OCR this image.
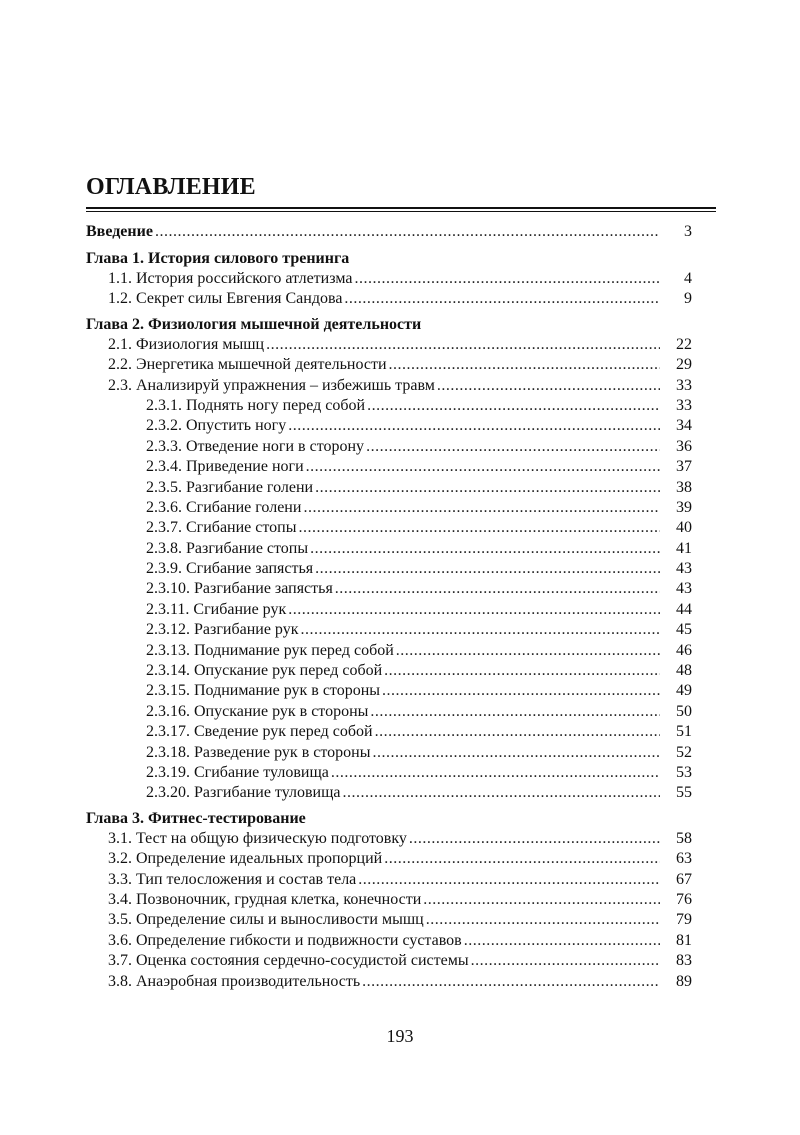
ОГЛАВЛЕНИЕ
Введение .....	3
Глава 1. История силового тренинга
1.1. История российского атлетизма .....	4
1.2. Секрет силы Евгения Сандова .....	9
Глава 2. Физиология мышечной деятельности
2.1. Физиология мышц .....	22
2.2. Энергетика мышечной деятельности .....	29
2.3. Анализируй упражнения – избежишь травм .....	33
2.3.1. Поднять ногу перед собой .....	33
2.3.2. Опустить ногу .....	34
2.3.3. Отведение ноги в сторону .....	36
2.3.4. Приведение ноги .....	37
2.3.5. Разгибание голени .....	38
2.3.6. Сгибание голени .....	39
2.3.7. Сгибание стопы .....	40
2.3.8. Разгибание стопы .....	41
2.3.9. Сгибание запястья .....	43
2.3.10. Разгибание запястья .....	43
2.3.11. Сгибание рук .....	44
2.3.12. Разгибание рук .....	45
2.3.13. Поднимание рук перед собой .....	46
2.3.14. Опускание рук перед собой .....	48
2.3.15. Поднимание рук в стороны .....	49
2.3.16. Опускание рук в стороны .....	50
2.3.17. Сведение рук перед собой .....	51
2.3.18. Разведение рук в стороны .....	52
2.3.19. Сгибание туловища .....	53
2.3.20. Разгибание туловища .....	55
Глава 3. Фитнес-тестирование
3.1. Тест на общую физическую подготовку .....	58
3.2. Определение идеальных пропорций .....	63
3.3. Тип телосложения и состав тела .....	67
3.4. Позвоночник, грудная клетка, конечности .....	76
3.5. Определение силы и выносливости мышц .....	79
3.6. Определение гибкости и подвижности суставов .....	81
3.7. Оценка состояния сердечно-сосудистой системы .....	83
3.8. Анаэробная производительность .....	89
193
